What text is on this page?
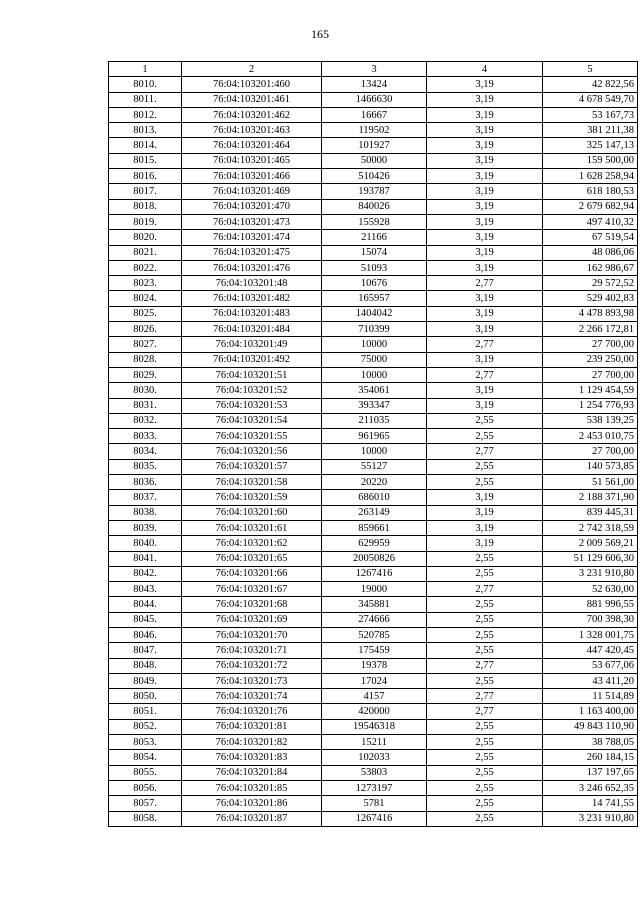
165
1	2	3	4	5
8010.	76:04:103201:460	13424	3,19	42 822,56
8011.	76:04:103201:461	1466630	3,19	4 678 549,70
8012.	76:04:103201:462	16667	3,19	53 167,73
8013.	76:04:103201:463	119502	3,19	381 211,38
8014.	76:04:103201:464	101927	3,19	325 147,13
8015.	76:04:103201:465	50000	3,19	159 500,00
8016.	76:04:103201:466	510426	3,19	1 628 258,94
8017.	76:04:103201:469	193787	3,19	618 180,53
8018.	76:04:103201:470	840026	3,19	2 679 682,94
8019.	76:04:103201:473	155928	3,19	497 410,32
8020.	76:04:103201:474	21166	3,19	67 519,54
8021.	76:04:103201:475	15074	3,19	48 086,06
8022.	76:04:103201:476	51093	3,19	162 986,67
8023.	76:04:103201:48	10676	2,77	29 572,52
8024.	76:04:103201:482	165957	3,19	529 402,83
8025.	76:04:103201:483	1404042	3,19	4 478 893,98
8026.	76:04:103201:484	710399	3,19	2 266 172,81
8027.	76:04:103201:49	10000	2,77	27 700,00
8028.	76:04:103201:492	75000	3,19	239 250,00
8029.	76:04:103201:51	10000	2,77	27 700,00
8030.	76:04:103201:52	354061	3,19	1 129 454,59
8031.	76:04:103201:53	393347	3,19	1 254 776,93
8032.	76:04:103201:54	211035	2,55	538 139,25
8033.	76:04:103201:55	961965	2,55	2 453 010,75
8034.	76:04:103201:56	10000	2,77	27 700,00
8035.	76:04:103201:57	55127	2,55	140 573,85
8036.	76:04:103201:58	20220	2,55	51 561,00
8037.	76:04:103201:59	686010	3,19	2 188 371,90
8038.	76:04:103201:60	263149	3,19	839 445,31
8039.	76:04:103201:61	859661	3,19	2 742 318,59
8040.	76:04:103201:62	629959	3,19	2 009 569,21
8041.	76:04:103201:65	20050826	2,55	51 129 606,30
8042.	76:04:103201:66	1267416	2,55	3 231 910,80
8043.	76:04:103201:67	19000	2,77	52 630,00
8044.	76:04:103201:68	345881	2,55	881 996,55
8045.	76:04:103201:69	274666	2,55	700 398,30
8046.	76:04:103201:70	520785	2,55	1 328 001,75
8047.	76:04:103201:71	175459	2,55	447 420,45
8048.	76:04:103201:72	19378	2,77	53 677,06
8049.	76:04:103201:73	17024	2,55	43 411,20
8050.	76:04:103201:74	4157	2,77	11 514,89
8051.	76:04:103201:76	420000	2,77	1 163 400,00
8052.	76:04:103201:81	19546318	2,55	49 843 110,90
8053.	76:04:103201:82	15211	2,55	38 788,05
8054.	76:04:103201:83	102033	2,55	260 184,15
8055.	76:04:103201:84	53803	2,55	137 197,65
8056.	76:04:103201:85	1273197	2,55	3 246 652,35
8057.	76:04:103201:86	5781	2,55	14 741,55
8058.	76:04:103201:87	1267416	2,55	3 231 910,80
